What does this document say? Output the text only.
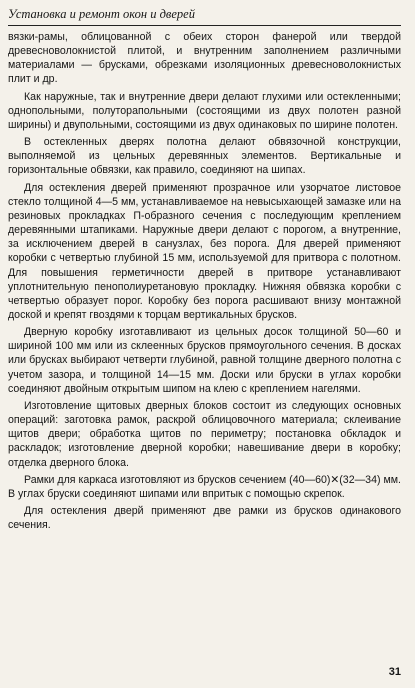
Установка и ремонт окон и дверей

вязки-рамы, облицованной с обеих сторон фанерой или твердой древесноволокнистой плитой, и внутренним заполнением различными материалами — брусками, обрезками изоляционных древесноволокнистых плит и др.

Как наружные, так и внутренние двери делают глухими или остекленными; однопольными, полуторапольными (состоящими из двух полотен разной ширины) и двупольными, состоящими из двух одинаковых по ширине полотен.

В остекленных дверях полотна делают обвязочной конструкции, выполняемой из цельных деревянных элементов. Вертикальные и горизонтальные обвязки, как правило, соединяют на шипах.

Для остекления дверей применяют прозрачное или узорчатое листовое стекло толщиной 4—5 мм, устанавливаемое на невысыхающей замазке или на резиновых прокладках П-образного сечения с последующим креплением деревянными штапиками. Наружные двери делают с порогом, а внутренние, за исключением дверей в санузлах, без порога. Для дверей применяют коробки с четвертью глубиной 15 мм, используемой для притвора с полотном. Для повышения герметичности дверей в притворе устанавливают уплотнительную пенополиуретановую прокладку. Нижняя обвязка коробки с четвертью образует порог. Коробку без порога расшивают внизу монтажной доской и крепят гвоздями к торцам вертикальных брусков.

Дверную коробку изготавливают из цельных досок толщиной 50—60 и шириной 100 мм или из склеенных брусков прямоугольного сечения. В досках или брусках выбирают четверти глубиной, равной толщине дверного полотна с учетом зазора, и толщиной 14—15 мм. Доски или бруски в углах коробки соединяют двойным открытым шипом на клею с креплением нагелями.

Изготовление щитовых дверных блоков состоит из следующих основных операций: заготовка рамок, раскрой облицовочного материала; склеивание щитов двери; обработка щитов по периметру; постановка обкладок и раскладок; изготовление дверной коробки; навешивание двери в коробку; отделка дверного блока.

Рамки для каркаса изготовляют из брусков сечением (40—60)✕(32—34) мм. В углах бруски соединяют шипами или впритык с помощью скрепок.

Для остекления дверй применяют две рамки из брусков одинакового сечения.

31
